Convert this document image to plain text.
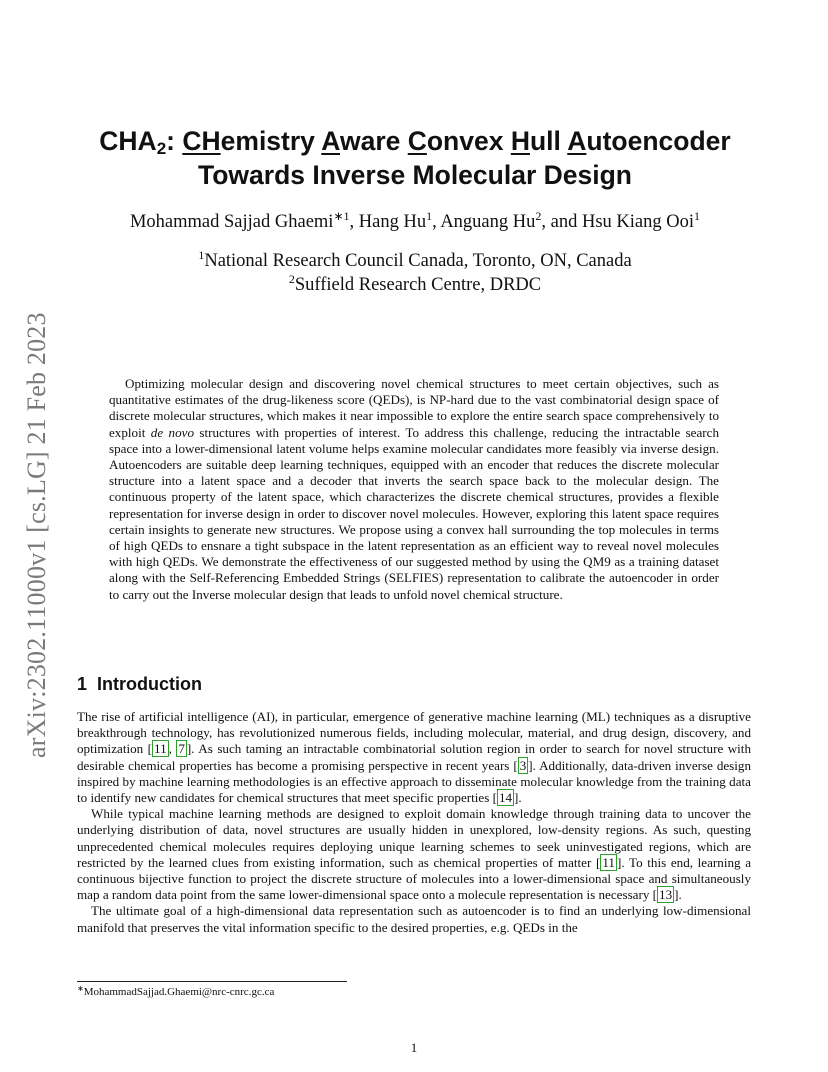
arXiv:2302.11000v1 [cs.LG] 21 Feb 2023
$CHA_2$: CHemistry Aware Convex Hull Autoencoder
Towards Inverse Molecular Design
Mohammad Sajjad Ghaemi$^{∗1}$, Hang Hu$^1$, Anguang Hu$^2$, and Hsu Kiang Ooi$^1$
$^1$National Research Council Canada, Toronto, ON, Canada
$^2$Suffield Research Centre, DRDC

Optimizing molecular design and discovering novel chemical structures to meet certain objectives, such as quantitative estimates of the drug-likeness score (QEDs), is NP-hard due to the vast combinatorial design space of discrete molecular structures, which makes it near impossible to explore the entire search space comprehensively to exploit de novo structures with properties of interest. To address this challenge, reducing the intractable search space into a lower-dimensional latent volume helps examine molecular candidates more feasibly via inverse design. Autoencoders are suitable deep learning techniques, equipped with an encoder that reduces the discrete molecular structure into a latent space and a decoder that inverts the search space back to the molecular design. The continuous property of the latent space, which characterizes the discrete chemical structures, provides a flexible representation for inverse design in order to discover novel molecules. However, exploring this latent space requires certain insights to generate new structures. We propose using a convex hall surrounding the top molecules in terms of high QEDs to ensnare a tight subspace in the latent representation as an efficient way to reveal novel molecules with high QEDs. We demonstrate the effectiveness of our suggested method by using the QM9 as a training dataset along with the Self-Referencing Embedded Strings (SELFIES) representation to calibrate the autoencoder in order to carry out the Inverse molecular design that leads to unfold novel chemical structure.

1 Introduction

The rise of artificial intelligence (AI), in particular, emergence of generative machine learning (ML) techniques as a disruptive breakthrough technology, has revolutionized numerous fields, including molecular, material, and drug design, discovery, and optimization [ 11 , 7 ]. As such taming an intractable combinatorial solution region in order to search for novel structure with desirable chemical properties has become a promising perspective in recent years [ 3 ]. Additionally, data-driven inverse design inspired by machine learning methodologies is an effective approach to disseminate molecular knowledge from the training data to identify new candidates for chemical structures that meet specific properties [ 14 ].

While typical machine learning methods are designed to exploit domain knowledge through training data to uncover the underlying distribution of data, novel structures are usually hidden in unexplored, low-density regions. As such, questing unprecedented chemical molecules requires deploying unique learning schemes to seek uninvestigated regions, which are restricted by the learned clues from existing information, such as chemical properties of matter [ 11 ]. To this end, learning a continuous bijective function to project the discrete structure of molecules into a lower-dimensional space and simultaneously map a random data point from the same lower-dimensional space onto a molecule representation is necessary [ 13 ].

The ultimate goal of a high-dimensional data representation such as autoencoder is to find an underlying low-dimensional manifold that preserves the vital information specific to the desired properties, e.g. QEDs in the

∗MohammadSajjad.Ghaemi@nrc-cnrc.gc.ca
1
